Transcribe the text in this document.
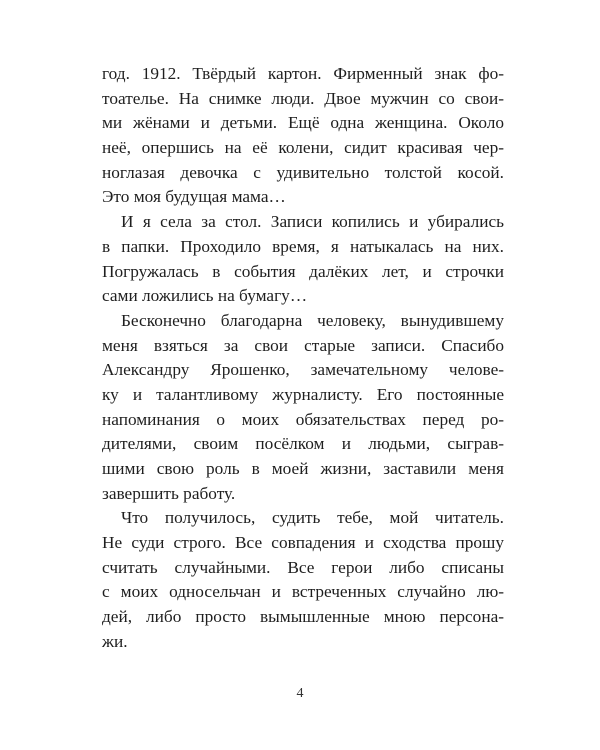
год. 1912. Твёрдый картон. Фирменный знак фо-
тоателье. На снимке люди. Двое мужчин со свои-
ми жёнами и детьми. Ещё одна женщина. Около
неё, опершись на её колени, сидит красивая чер-
ноглазая девочка с удивительно толстой косой.
Это моя будущая мама…
И я села за стол. Записи копились и убирались
в папки. Проходило время, я натыкалась на них.
Погружалась в события далёких лет, и строчки
сами ложились на бумагу…
Бесконечно благодарна человеку, вынудившему
меня взяться за свои старые записи. Спасибо
Александру Ярошенко, замечательному челове-
ку и талантливому журналисту. Его постоянные
напоминания о моих обязательствах перед ро-
дителями, своим посёлком и людьми, сыграв-
шими свою роль в моей жизни, заставили меня
завершить работу.
Что получилось, судить тебе, мой читатель.
Не суди строго. Все совпадения и сходства прошу
считать случайными. Все герои либо списаны
с моих односельчан и встреченных случайно лю-
дей, либо просто вымышленные мною персона-
жи.
4
